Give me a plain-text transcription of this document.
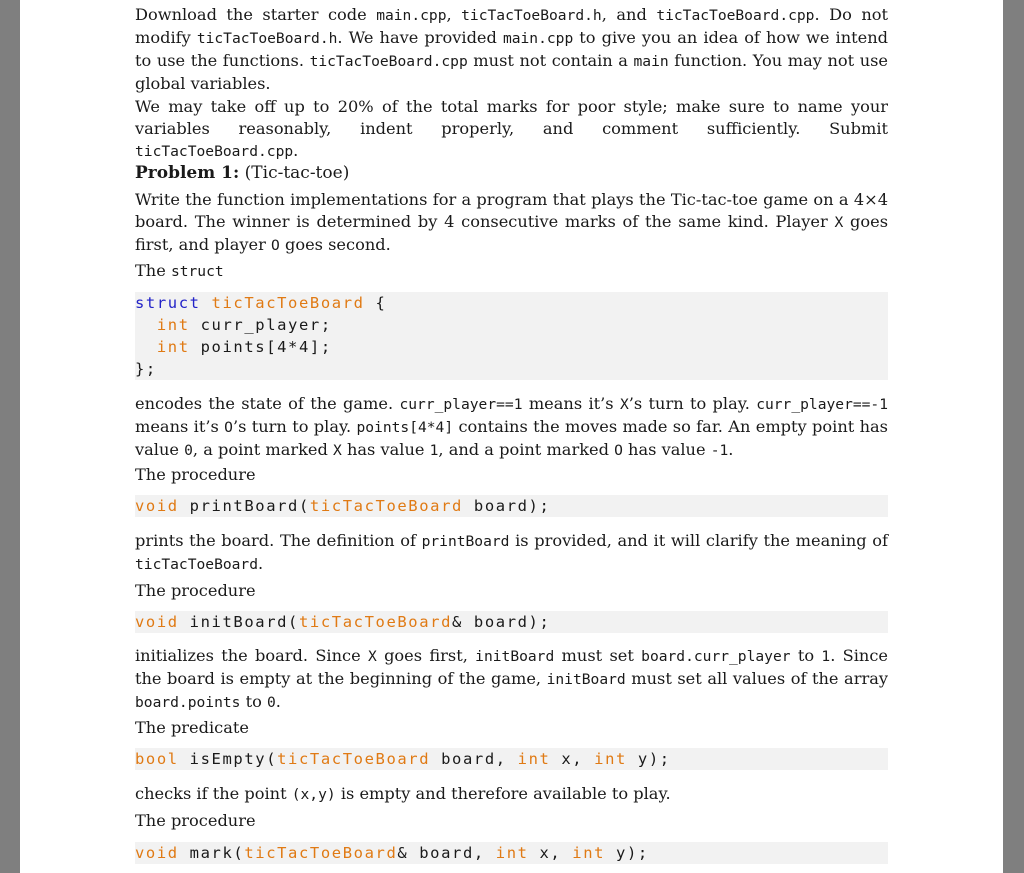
Download the starter code main.cpp, ticTacToeBoard.h, and ticTacToeBoard.cpp. Do not modify ticTacToeBoard.h. We have provided main.cpp to give you an idea of how we intend to use the functions. ticTacToeBoard.cpp must not contain a main function. You may not use global variables.

We may take off up to 20% of the total marks for poor style; make sure to name your variables reasonably, indent properly, and comment sufficiently. Submit ticTacToeBoard.cpp.

Problem 1: (Tic-tac-toe)

Write the function implementations for a program that plays the Tic-tac-toe game on a 4×4 board. The winner is determined by 4 consecutive marks of the same kind. Player X goes first, and player O goes second.

The struct
struct ticTacToeBoard {
int curr_player;
int points[4*4];
};

encodes the state of the game. curr_player==1 means it’s X’s turn to play. curr_player==-1 means it’s O’s turn to play. points[4*4] contains the moves made so far. An empty point has value 0, a point marked X has value 1, and a point marked O has value -1.

The procedure
void printBoard(ticTacToeBoard board);

prints the board. The definition of printBoard is provided, and it will clarify the meaning of ticTacToeBoard.

The procedure
void initBoard(ticTacToeBoard& board);

initializes the board. Since X goes first, initBoard must set board.curr_player to 1. Since the board is empty at the beginning of the game, initBoard must set all values of the array board.points to 0.

The predicate
bool isEmpty(ticTacToeBoard board, int x, int y);

checks if the point (x,y) is empty and therefore available to play.

The procedure
void mark(ticTacToeBoard& board, int x, int y);
